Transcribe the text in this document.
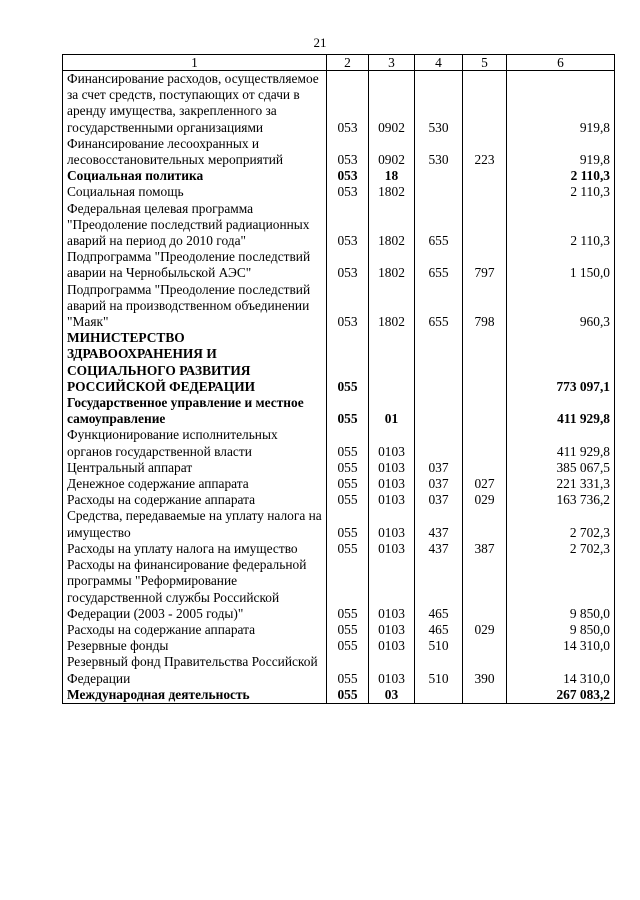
21
1	2	3	4	5	6
Финансирование расходов, осуществляемое за счет средств, поступающих от сдачи в аренду имущества, закрепленного за государственными организациями	053	0902	530		919,8
Финансирование лесоохранных и лесовосстановительных мероприятий	053	0902	530	223	919,8
Социальная политика	053	18			2 110,3
Социальная помощь	053	1802			2 110,3
Федеральная целевая программа "Преодоление последствий радиационных аварий на период до 2010 года"	053	1802	655		2 110,3
Подпрограмма "Преодоление последствий аварии на Чернобыльской АЭС"	053	1802	655	797	1 150,0
Подпрограмма "Преодоление последствий аварий на производственном объединении "Маяк"	053	1802	655	798	960,3
МИНИСТЕРСТВО ЗДРАВООХРАНЕНИЯ И СОЦИАЛЬНОГО РАЗВИТИЯ РОССИЙСКОЙ ФЕДЕРАЦИИ	055				773 097,1
Государственное управление и местное самоуправление	055	01			411 929,8
Функционирование исполнительных органов государственной власти	055	0103			411 929,8
Центральный аппарат	055	0103	037		385 067,5
Денежное содержание аппарата	055	0103	037	027	221 331,3
Расходы на содержание аппарата	055	0103	037	029	163 736,2
Средства, передаваемые на уплату налога на имущество	055	0103	437		2 702,3
Расходы на уплату налога на имущество	055	0103	437	387	2 702,3
Расходы на финансирование федеральной программы "Реформирование государственной службы Российской Федерации (2003 - 2005 годы)"	055	0103	465		9 850,0
Расходы на содержание аппарата	055	0103	465	029	9 850,0
Резервные фонды	055	0103	510		14 310,0
Резервный фонд Правительства Российской Федерации	055	0103	510	390	14 310,0
Международная деятельность	055	03			267 083,2
